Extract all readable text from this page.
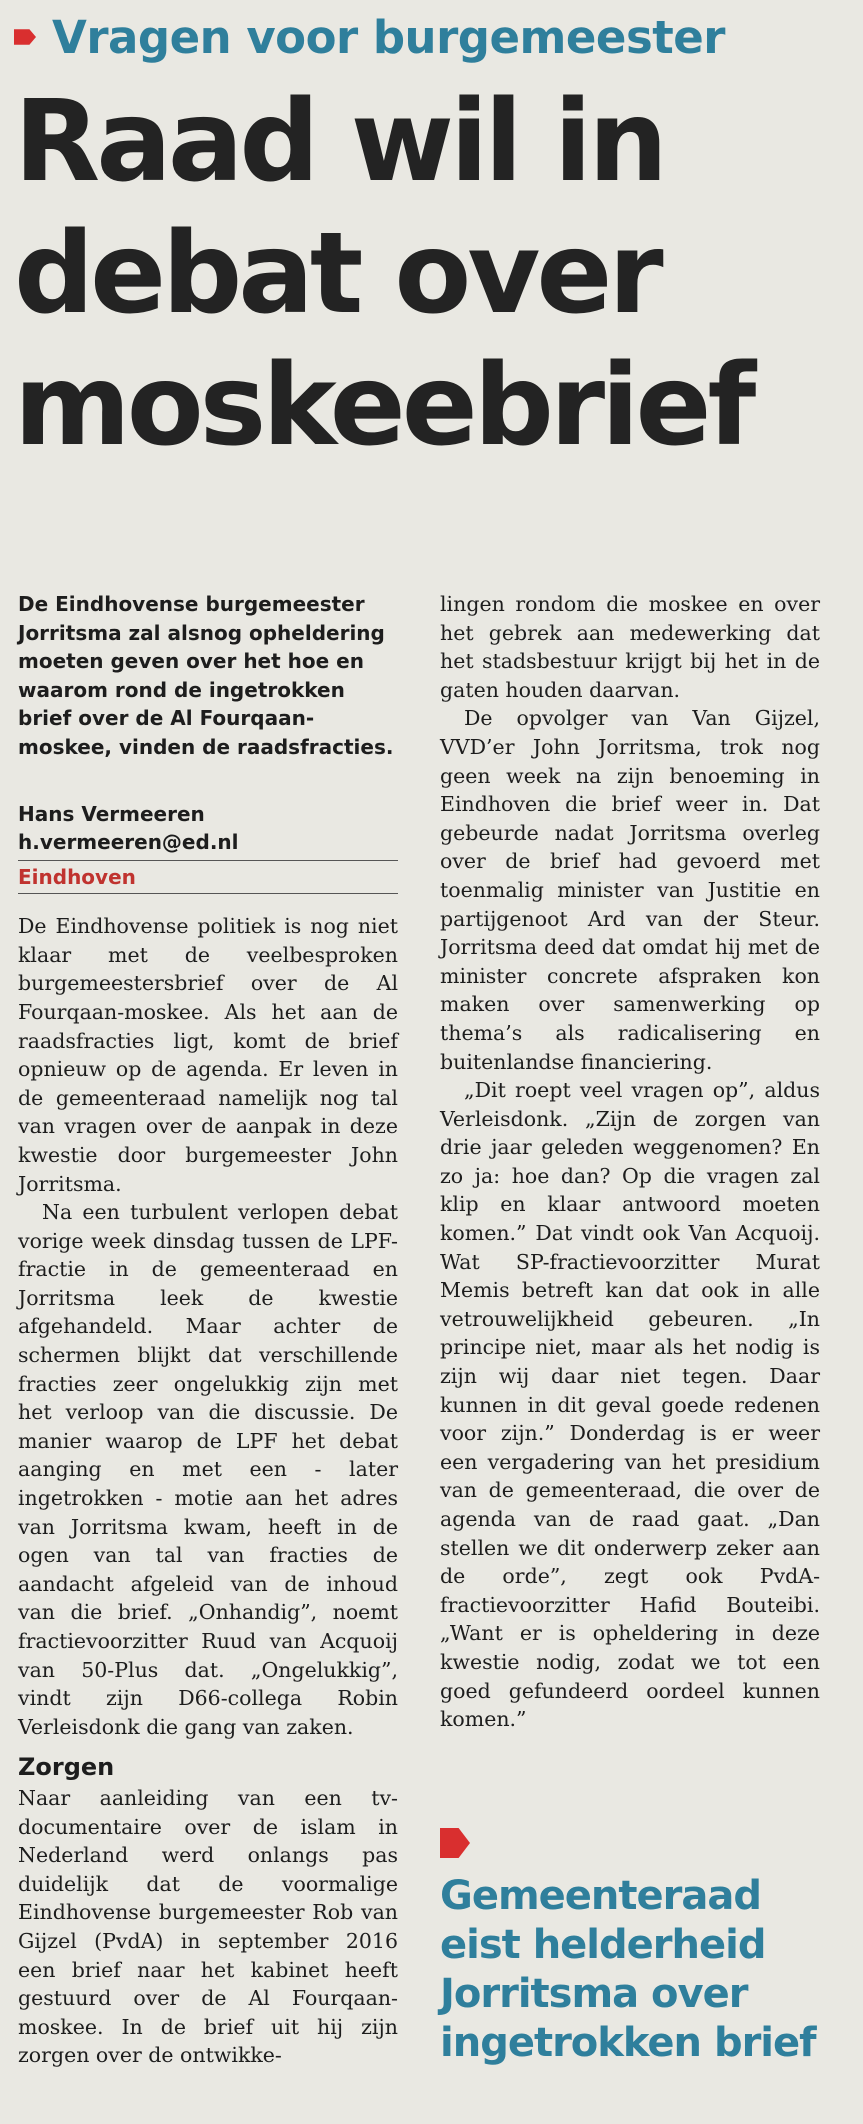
Vragen voor burgemeester
Raad wil in
debat over
moskeebrief

De Eindhovense burgemeester Jorritsma zal alsnog opheldering moeten geven over het hoe en waarom rond de ingetrokken brief over de Al Fourqaan-moskee, vinden de raadsfracties.

Hans Vermeeren
h.vermeeren@ed.nl
Eindhoven

De Eindhovense politiek is nog niet klaar met de veelbesproken burgemeestersbrief over de Al Fourqaan-moskee. Als het aan de raadsfracties ligt, komt de brief opnieuw op de agenda. Er leven in de gemeenteraad namelijk nog tal van vragen over de aanpak in deze kwestie door burgemeester John Jorritsma.

Na een turbulent verlopen debat vorige week dinsdag tussen de LPF-fractie in de gemeenteraad en Jorritsma leek de kwestie afgehandeld. Maar achter de schermen blijkt dat verschillende fracties zeer ongelukkig zijn met het verloop van die discussie. De manier waarop de LPF het debat aanging en met een - later ingetrokken - motie aan het adres van Jorritsma kwam, heeft in de ogen van tal van fracties de aandacht afgeleid van de inhoud van die brief. „Onhandig”, noemt fractievoorzitter Ruud van Acquoij van 50-Plus dat. „Ongelukkig”, vindt zijn D66-collega Robin Verleisdonk die gang van zaken.

Zorgen

Naar aanleiding van een tv-documentaire over de islam in Nederland werd onlangs pas duidelijk dat de voormalige Eindhovense burgemeester Rob van Gijzel (PvdA) in september 2016 een brief naar het kabinet heeft gestuurd over de Al Fourqaan-moskee. In de brief uit hij zijn zorgen over de ontwikke-

lingen rondom die moskee en over het gebrek aan medewerking dat het stadsbestuur krijgt bij het in de gaten houden daarvan.

De opvolger van Van Gijzel, VVD’er John Jorritsma, trok nog geen week na zijn benoeming in Eindhoven die brief weer in. Dat gebeurde nadat Jorritsma overleg over de brief had gevoerd met toenmalig minister van Justitie en partijgenoot Ard van der Steur. Jorritsma deed dat omdat hij met de minister concrete afspraken kon maken over samenwerking op thema’s als radicalisering en buitenlandse financiering.

„Dit roept veel vragen op”, aldus Verleisdonk. „Zijn de zorgen van drie jaar geleden weggenomen? En zo ja: hoe dan? Op die vragen zal klip en klaar antwoord moeten komen.” Dat vindt ook Van Acquoij. Wat SP-fractievoorzitter Murat Memis betreft kan dat ook in alle vetrouwelijkheid gebeuren. „In principe niet, maar als het nodig is zijn wij daar niet tegen. Daar kunnen in dit geval goede redenen voor zijn.” Donderdag is er weer een vergadering van het presidium van de gemeenteraad, die over de agenda van de raad gaat. „Dan stellen we dit onderwerp zeker aan de orde”, zegt ook PvdA-fractievoorzitter Hafid Bouteibi. „Want er is opheldering in deze kwestie nodig, zodat we tot een goed gefundeerd oordeel kunnen komen.”

Gemeenteraad
eist helderheid
Jorritsma over
ingetrokken brief
